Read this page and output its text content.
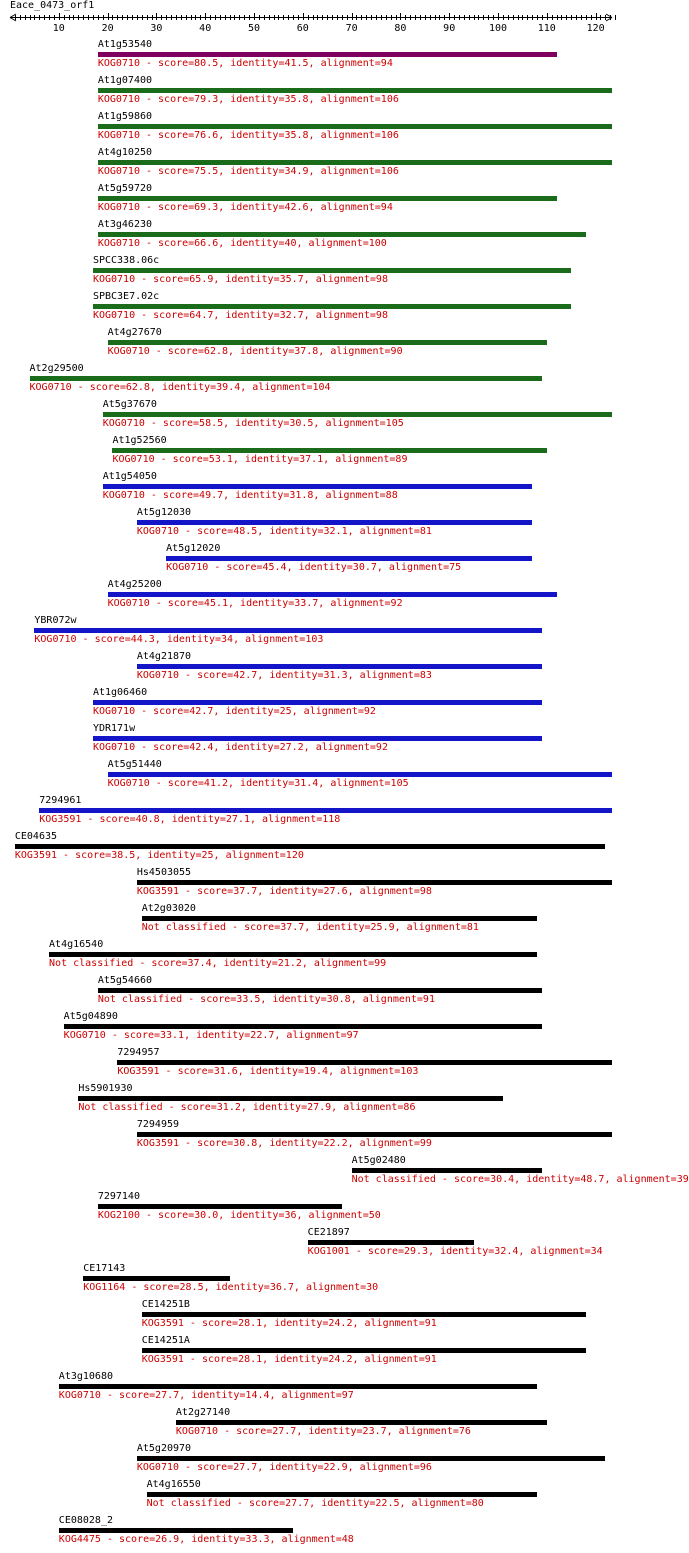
Eace_0473_orf1
10	20	30	40	50	60	70	80	90	100	110	120
At1g53540
KOG0710 - score=80.5, identity=41.5, alignment=94
At1g07400
KOG0710 - score=79.3, identity=35.8, alignment=106
At1g59860
KOG0710 - score=76.6, identity=35.8, alignment=106
At4g10250
KOG0710 - score=75.5, identity=34.9, alignment=106
At5g59720
KOG0710 - score=69.3, identity=42.6, alignment=94
At3g46230
KOG0710 - score=66.6, identity=40, alignment=100
SPCC338.06c
KOG0710 - score=65.9, identity=35.7, alignment=98
SPBC3E7.02c
KOG0710 - score=64.7, identity=32.7, alignment=98
At4g27670
KOG0710 - score=62.8, identity=37.8, alignment=90
At2g29500
KOG0710 - score=62.8, identity=39.4, alignment=104
At5g37670
KOG0710 - score=58.5, identity=30.5, alignment=105
At1g52560
KOG0710 - score=53.1, identity=37.1, alignment=89
At1g54050
KOG0710 - score=49.7, identity=31.8, alignment=88
At5g12030
KOG0710 - score=48.5, identity=32.1, alignment=81
At5g12020
KOG0710 - score=45.4, identity=30.7, alignment=75
At4g25200
KOG0710 - score=45.1, identity=33.7, alignment=92
YBR072w
KOG0710 - score=44.3, identity=34, alignment=103
At4g21870
KOG0710 - score=42.7, identity=31.3, alignment=83
At1g06460
KOG0710 - score=42.7, identity=25, alignment=92
YDR171w
KOG0710 - score=42.4, identity=27.2, alignment=92
At5g51440
KOG0710 - score=41.2, identity=31.4, alignment=105
7294961
KOG3591 - score=40.8, identity=27.1, alignment=118
CE04635
KOG3591 - score=38.5, identity=25, alignment=120
Hs4503055
KOG3591 - score=37.7, identity=27.6, alignment=98
At2g03020
Not classified - score=37.7, identity=25.9, alignment=81
At4g16540
Not classified - score=37.4, identity=21.2, alignment=99
At5g54660
Not classified - score=33.5, identity=30.8, alignment=91
At5g04890
KOG0710 - score=33.1, identity=22.7, alignment=97
7294957
KOG3591 - score=31.6, identity=19.4, alignment=103
Hs5901930
Not classified - score=31.2, identity=27.9, alignment=86
7294959
KOG3591 - score=30.8, identity=22.2, alignment=99
At5g02480
Not classified - score=30.4, identity=48.7, alignment=39
7297140
KOG2100 - score=30.0, identity=36, alignment=50
CE21897
KOG1001 - score=29.3, identity=32.4, alignment=34
CE17143
KOG1164 - score=28.5, identity=36.7, alignment=30
CE14251B
KOG3591 - score=28.1, identity=24.2, alignment=91
CE14251A
KOG3591 - score=28.1, identity=24.2, alignment=91
At3g10680
KOG0710 - score=27.7, identity=14.4, alignment=97
At2g27140
KOG0710 - score=27.7, identity=23.7, alignment=76
At5g20970
KOG0710 - score=27.7, identity=22.9, alignment=96
At4g16550
Not classified - score=27.7, identity=22.5, alignment=80
CE08028_2
KOG4475 - score=26.9, identity=33.3, alignment=48
